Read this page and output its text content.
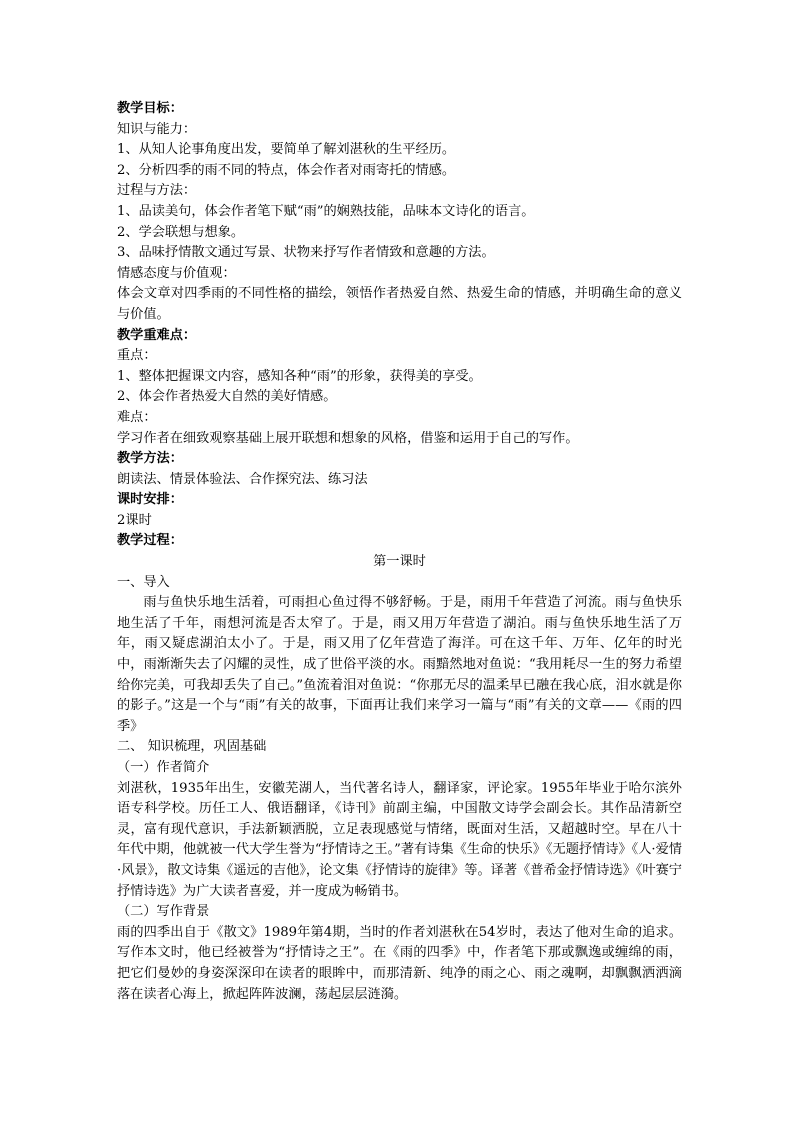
教学目标：
知识与能力：
1、从知人论事角度出发，要简单了解刘湛秋的生平经历。
2、分析四季的雨不同的特点，体会作者对雨寄托的情感。
过程与方法：
1、品读美句，体会作者笔下赋“雨”的娴熟技能，品味本文诗化的语言。
2、学会联想与想象。
3、品味抒情散文通过写景、状物来抒写作者情致和意趣的方法。
情感态度与价值观：
体会文章对四季雨的不同性格的描绘，领悟作者热爱自然、热爱生命的情感，并明确生命的意义与价值。
教学重难点：
重点：
1、整体把握课文内容，感知各种“雨”的形象，获得美的享受。
2、体会作者热爱大自然的美好情感。
难点：
学习作者在细致观察基础上展开联想和想象的风格，借鉴和运用于自己的写作。
教学方法：
朗读法、情景体验法、合作探究法、练习法
课时安排：
2课时
教学过程：
第一课时
一、导入
雨与鱼快乐地生活着，可雨担心鱼过得不够舒畅。于是，雨用千年营造了河流。雨与鱼快乐地生活了千年，雨想河流是否太窄了。于是，雨又用万年营造了湖泊。雨与鱼快乐地生活了万年，雨又疑虑湖泊太小了。于是，雨又用了亿年营造了海洋。可在这千年、万年、亿年的时光中，雨渐渐失去了闪耀的灵性，成了世俗平淡的水。雨黯然地对鱼说：“我用耗尽一生的努力希望给你完美，可我却丢失了自己。”鱼流着泪对鱼说：“你那无尽的温柔早已融在我心底，泪水就是你的影子。”这是一个与“雨”有关的故事，下面再让我们来学习一篇与“雨”有关的文章——《雨的四季》
二、 知识梳理，巩固基础
（一）作者简介
刘湛秋，1935年出生，安徽芜湖人，当代著名诗人，翻译家，评论家。1955年毕业于哈尔滨外语专科学校。历任工人、俄语翻译，《诗刊》前副主编，中国散文诗学会副会长。其作品清新空灵，富有现代意识，手法新颖洒脱，立足表现感觉与情绪，既面对生活，又超越时空。早在八十年代中期，他就被一代大学生誉为“抒情诗之王。”著有诗集《生命的快乐》《无题抒情诗》《人·爱情·风景》，散文诗集《遥远的吉他》，论文集《抒情诗的旋律》等。译著《普希金抒情诗选》《叶赛宁抒情诗选》为广大读者喜爱，并一度成为畅销书。
（二）写作背景
雨的四季出自于《散文》1989年第4期，当时的作者刘湛秋在54岁时，表达了他对生命的追求。写作本文时，他已经被誉为“抒情诗之王”。在《雨的四季》中，作者笔下那或飘逸或缠绵的雨，把它们曼妙的身姿深深印在读者的眼眸中，而那清新、纯净的雨之心、雨之魂啊，却飘飘洒洒滴落在读者心海上，掀起阵阵波澜，荡起层层涟漪。
